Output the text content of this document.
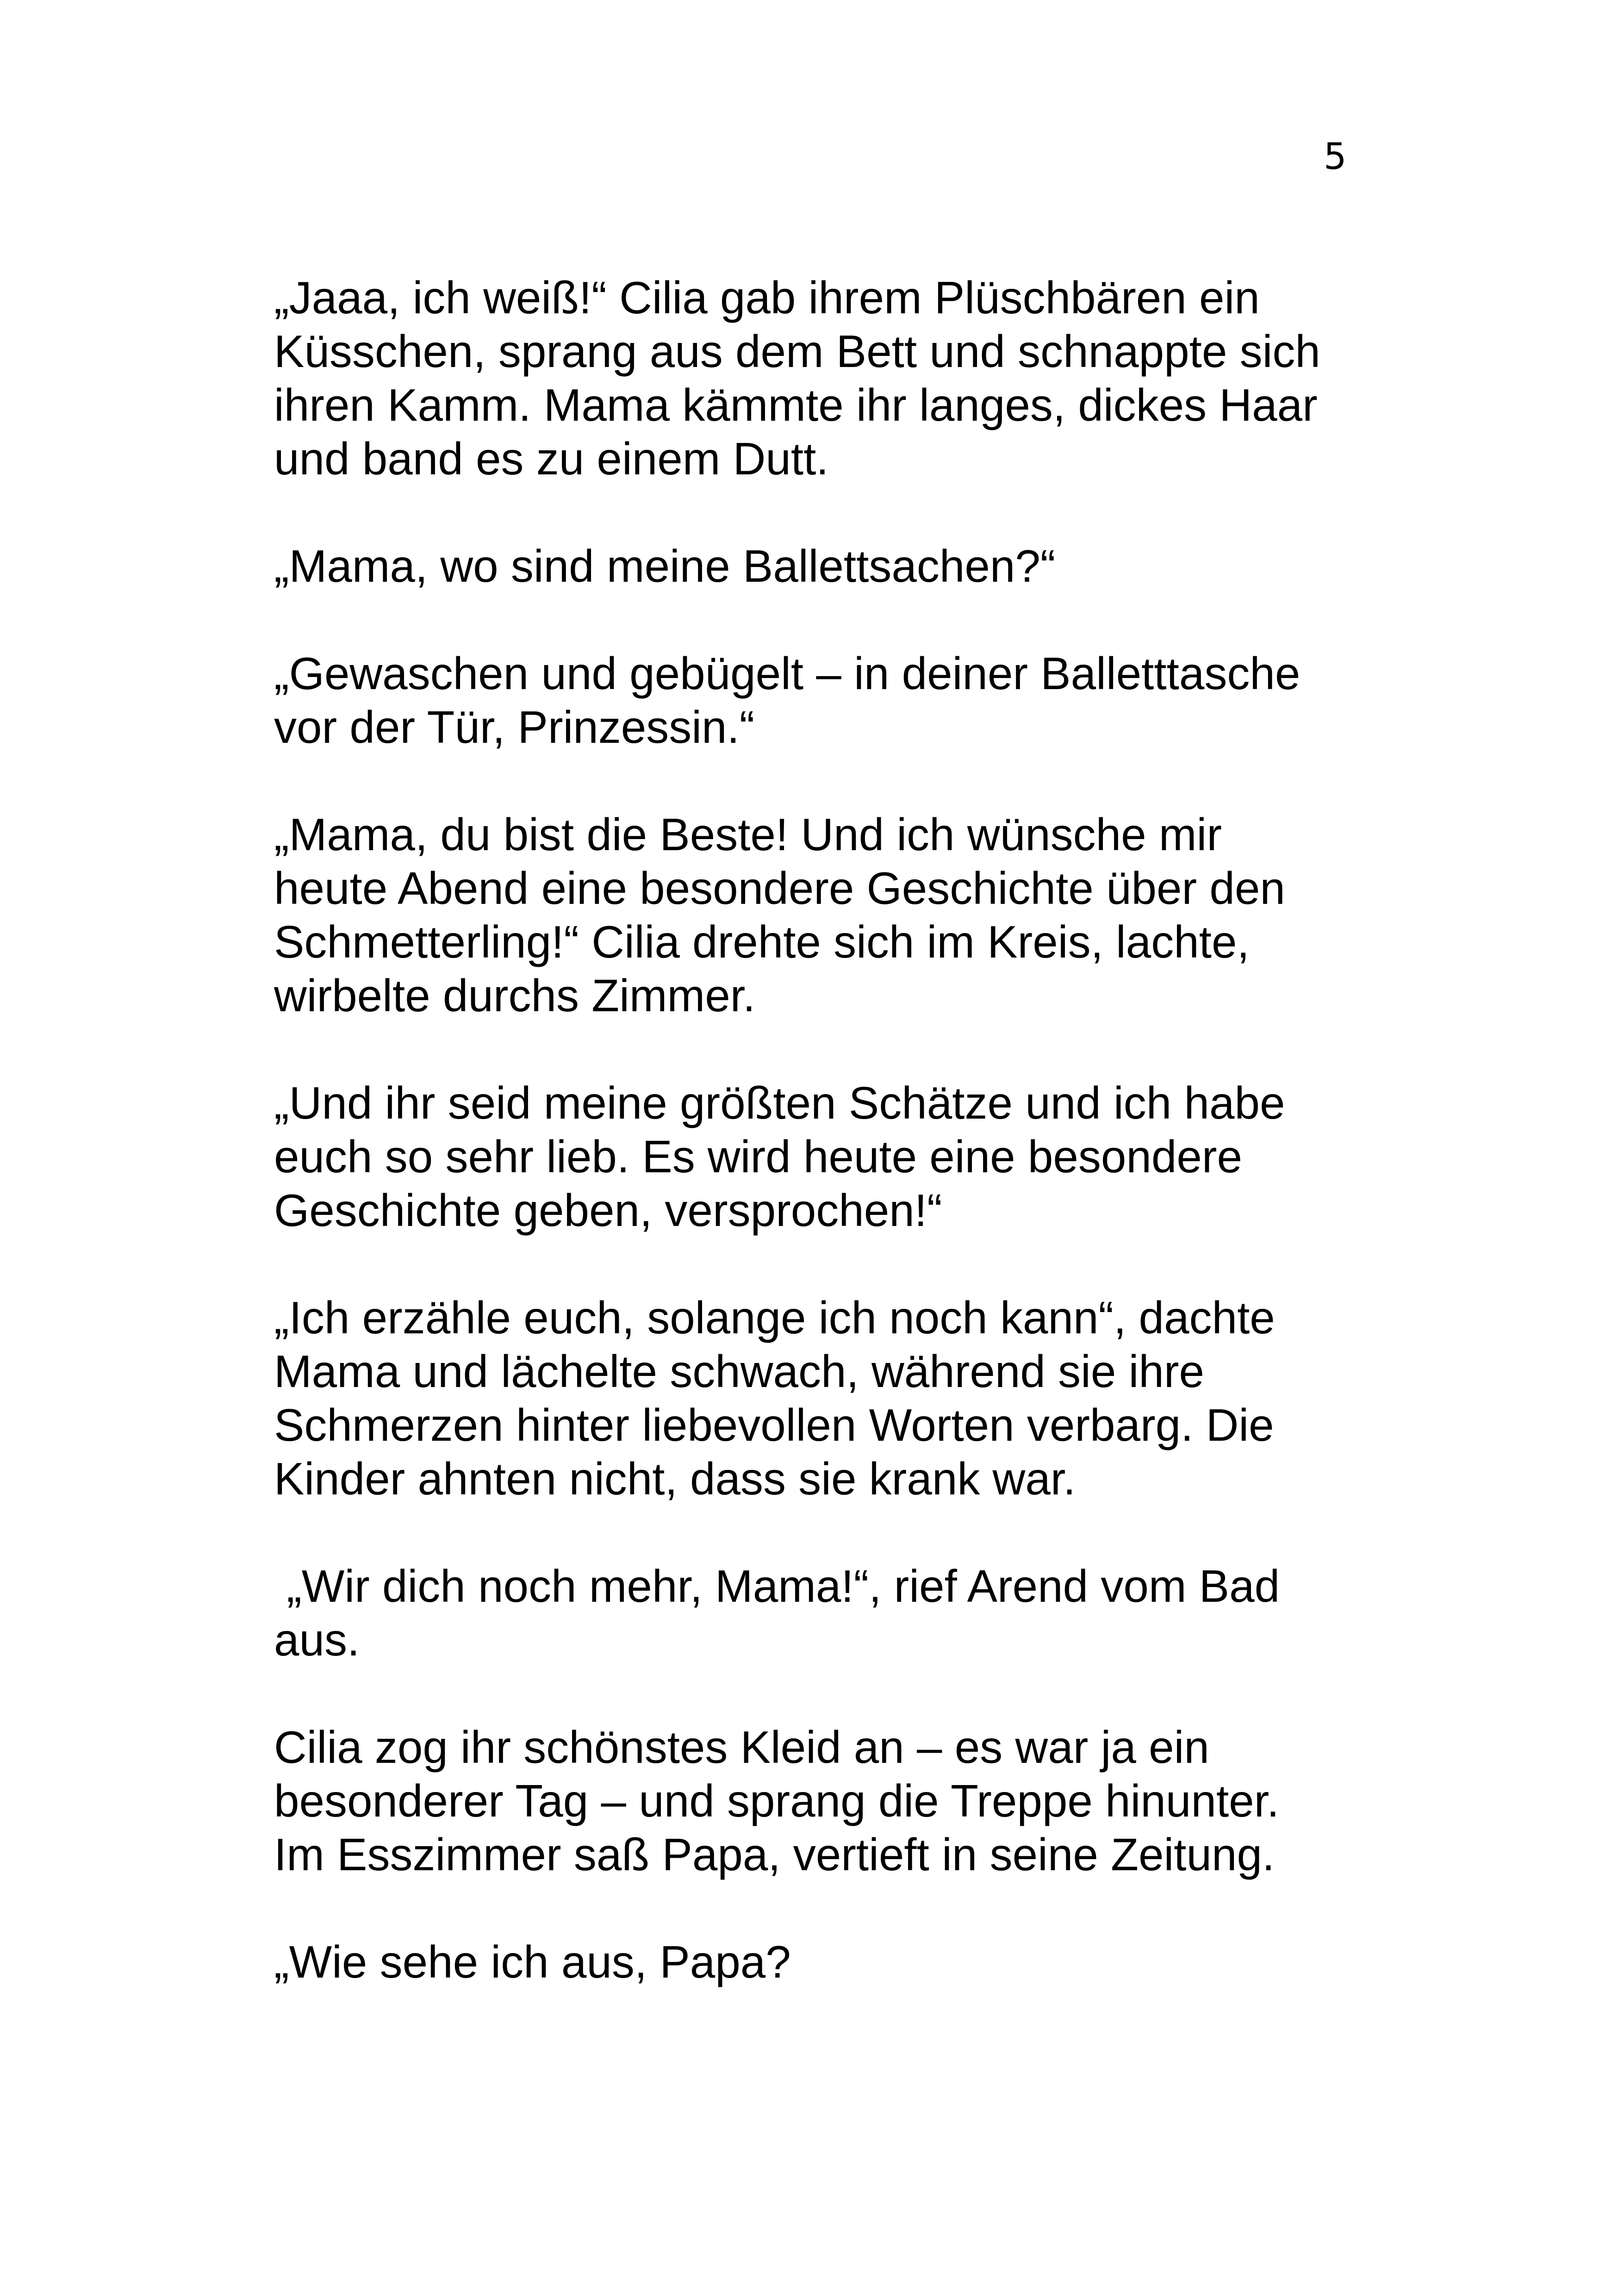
5
„Jaaa, ich weiß!“ Cilia gab ihrem Plüschbären ein
Küsschen, sprang aus dem Bett und schnappte sich
ihren Kamm. Mama kämmte ihr langes, dickes Haar
und band es zu einem Dutt.
„Mama, wo sind meine Ballettsachen?“
„Gewaschen und gebügelt – in deiner Balletttasche
vor der Tür, Prinzessin.“
„Mama, du bist die Beste! Und ich wünsche mir
heute Abend eine besondere Geschichte über den
Schmetterling!“ Cilia drehte sich im Kreis, lachte,
wirbelte durchs Zimmer.
„Und ihr seid meine größten Schätze und ich habe
euch so sehr lieb. Es wird heute eine besondere
Geschichte geben, versprochen!“
„Ich erzähle euch, solange ich noch kann“, dachte
Mama und lächelte schwach, während sie ihre
Schmerzen hinter liebevollen Worten verbarg. Die
Kinder ahnten nicht, dass sie krank war.
„Wir dich noch mehr, Mama!“, rief Arend vom Bad
aus.
Cilia zog ihr schönstes Kleid an – es war ja ein
besonderer Tag – und sprang die Treppe hinunter.
Im Esszimmer saß Papa, vertieft in seine Zeitung.
„Wie sehe ich aus, Papa?
